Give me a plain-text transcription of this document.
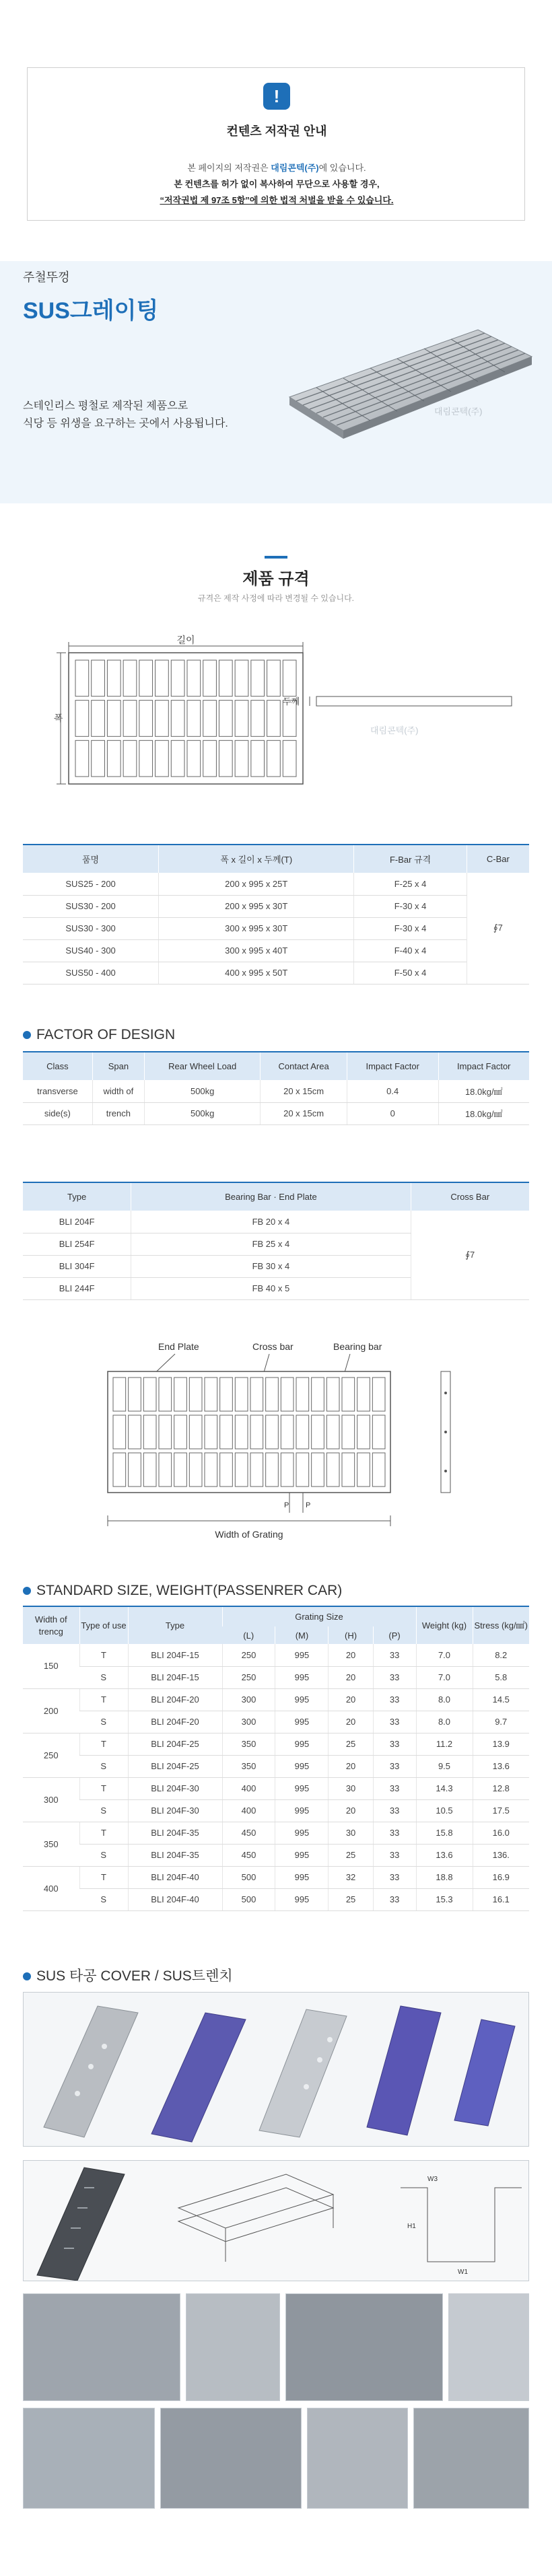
!
컨텐츠 저작권 안내

본 페이지의 저작권은 대림콘텍(주)에 있습니다.

본 컨텐츠를 허가 없이 복사하여 무단으로 사용할 경우,

“저작권법 제 97조 5항”에 의한 법적 처벌을 받을 수 있습니다.

주철뚜껑
SUS그레이팅
스테인리스 평철로 제작된 제품으로
식당 등 위생을 요구하는 곳에서 사용됩니다.
대림콘텍(주)
제품 규격
규격은 제작 사정에 따라 변경될 수 있습니다.
길이
폭
두께
대림콘텍(주)
품명	폭 x 길이 x 두께(T)	F-Bar 규격	C-Bar
SUS25 - 200	200 x 995 x 25T	F-25 x 4	∮7
SUS30 - 200	200 x 995 x 30T	F-30 x 4	
SUS30 - 300	300 x 995 x 30T	F-30 x 4	
SUS40 - 300	300 x 995 x 40T	F-40 x 4	
SUS50 - 400	400 x 995 x 50T	F-50 x 4	
FACTOR OF DESIGN
Class	Span	Rear Wheel Load	Contact Area	Impact Factor	Impact Factor
transverse	width of	500kg	20 x 15cm	0.4	18.0kg/㎟
side(s)	trench	500kg	20 x 15cm	0	18.0kg/㎟
Type	Bearing Bar · End Plate	Cross Bar
BLI 204F	FB 20 x 4	∮7
BLI 254F	FB 25 x 4	
BLI 304F	FB 30 x 4	
BLI 244F	FB 40 x 5	
End Plate	Cross bar	Bearing bar
P P
Width of Grating
STANDARD SIZE, WEIGHT(PASSENRER CAR)
Width of trencg	Type of use	Type	Grating Size				Weight (kg)	Stress (kg/㎟)
			(L)	(M)	(H)	(P)		
150	T	BLI 204F-15	250	995	20	33	7.0	8.2
	S	BLI 204F-15	250	995	20	33	7.0	5.8
200	T	BLI 204F-20	300	995	20	33	8.0	14.5
	S	BLI 204F-20	300	995	20	33	8.0	9.7
250	T	BLI 204F-25	350	995	25	33	11.2	13.9
	S	BLI 204F-25	350	995	20	33	9.5	13.6
300	T	BLI 204F-30	400	995	30	33	14.3	12.8
	S	BLI 204F-30	400	995	20	33	10.5	17.5
350	T	BLI 204F-35	450	995	30	33	15.8	16.0
	S	BLI 204F-35	450	995	25	33	13.6	136.
400	T	BLI 204F-40	500	995	32	33	18.8	16.9
	S	BLI 204F-40	500	995	25	33	15.3	16.1
SUS 타공 COVER / SUS트렌치
W3
W1
H1
